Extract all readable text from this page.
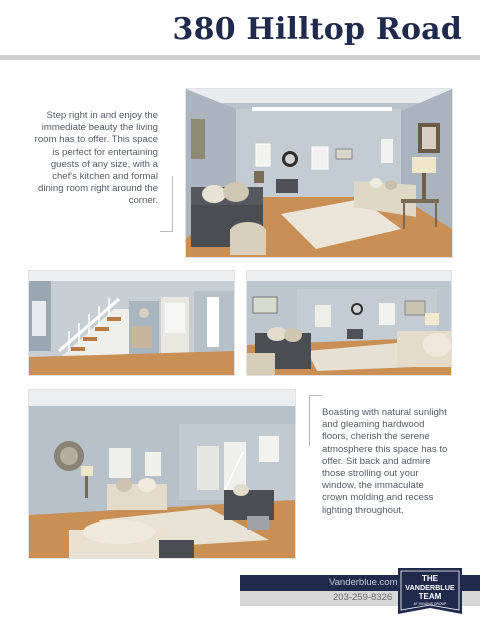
380 Hilltop Road
Step right in and enjoy the immediate beauty the living room has to offer. This space is perfect for entertaining guests of any size, with a chef's kitchen and formal dining room right around the corner.
Boasting with natural sunlight and gleaming hardwood floors, cherish the serene atmosphere this space has to offer. Sit back and admire those strolling out your window, the immaculate crown molding and recess lighting throughout.
Vanderblue.com
203-259-8326
THE
VANDERBLUE
TEAM
AT HIGGINS GROUP
